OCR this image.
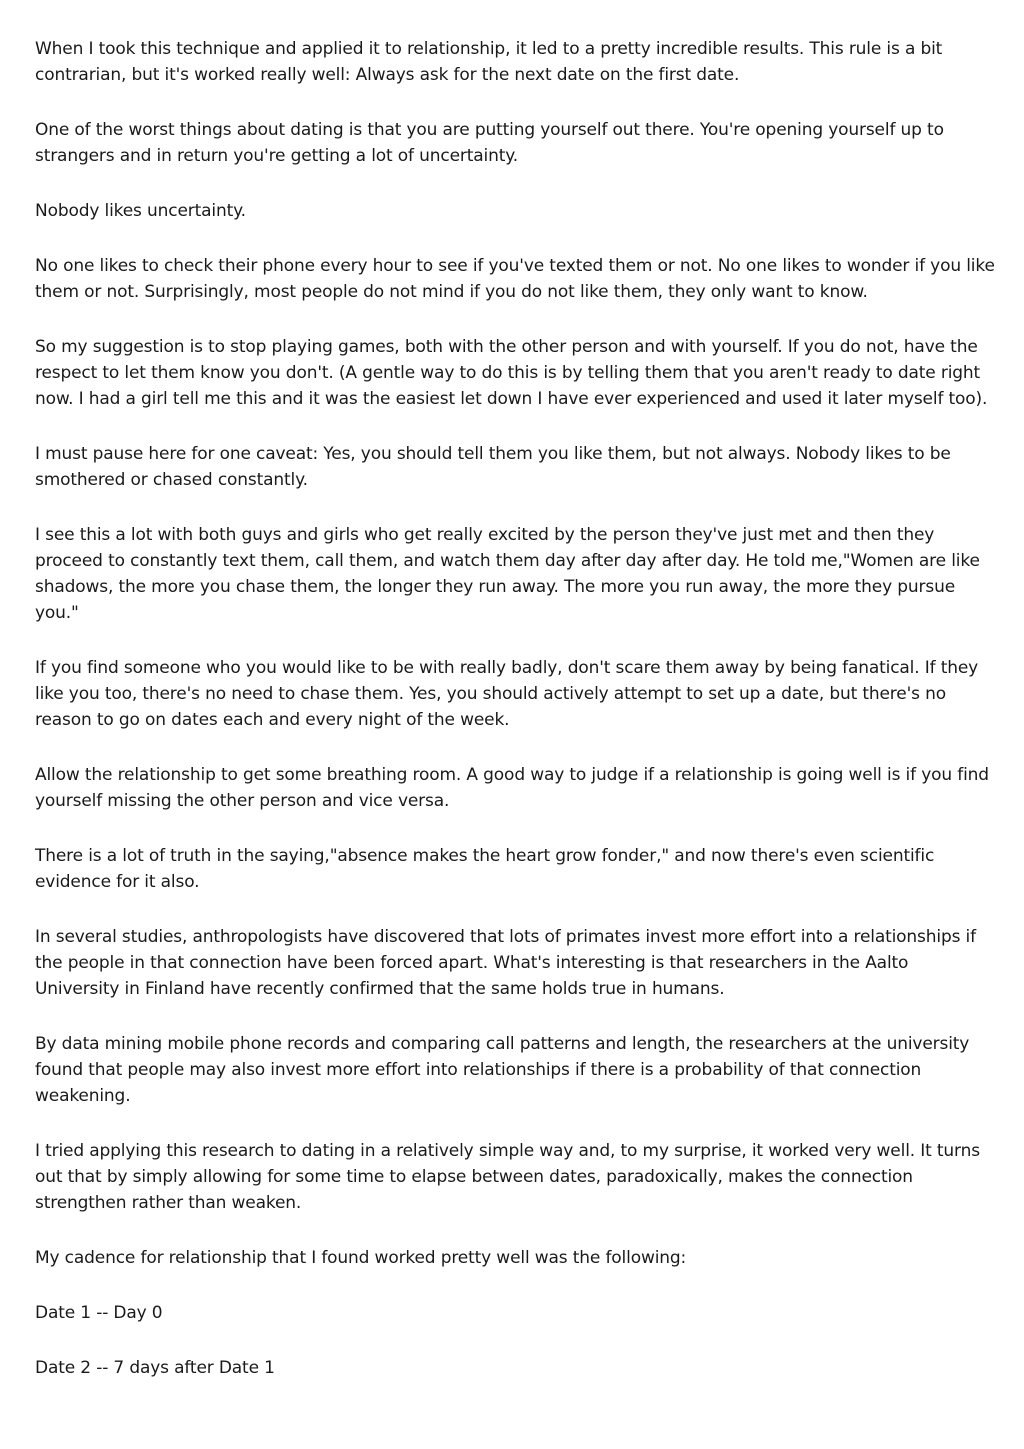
When I took this technique and applied it to relationship, it led to a pretty incredible results. This rule is a bit contrarian, but it's worked really well: Always ask for the next date on the first date.

One of the worst things about dating is that you are putting yourself out there. You're opening yourself up to strangers and in return you're getting a lot of uncertainty.

Nobody likes uncertainty.

No one likes to check their phone every hour to see if you've texted them or not. No one likes to wonder if you like them or not. Surprisingly, most people do not mind if you do not like them, they only want to know.

So my suggestion is to stop playing games, both with the other person and with yourself. If you do not, have the respect to let them know you don't. (A gentle way to do this is by telling them that you aren't ready to date right now. I had a girl tell me this and it was the easiest let down I have ever experienced and used it later myself too).

I must pause here for one caveat: Yes, you should tell them you like them, but not always. Nobody likes to be smothered or chased constantly.

I see this a lot with both guys and girls who get really excited by the person they've just met and then they proceed to constantly text them, call them, and watch them day after day after day. He told me,"Women are like shadows, the more you chase them, the longer they run away. The more you run away, the more they pursue you."

If you find someone who you would like to be with really badly, don't scare them away by being fanatical. If they like you too, there's no need to chase them. Yes, you should actively attempt to set up a date, but there's no reason to go on dates each and every night of the week.

Allow the relationship to get some breathing room. A good way to judge if a relationship is going well is if you find yourself missing the other person and vice versa.

There is a lot of truth in the saying,"absence makes the heart grow fonder," and now there's even scientific evidence for it also.

In several studies, anthropologists have discovered that lots of primates invest more effort into a relationships if the people in that connection have been forced apart. What's interesting is that researchers in the Aalto University in Finland have recently confirmed that the same holds true in humans.

By data mining mobile phone records and comparing call patterns and length, the researchers at the university found that people may also invest more effort into relationships if there is a probability of that connection weakening.

I tried applying this research to dating in a relatively simple way and, to my surprise, it worked very well. It turns out that by simply allowing for some time to elapse between dates, paradoxically, makes the connection strengthen rather than weaken.

My cadence for relationship that I found worked pretty well was the following:

Date 1 -- Day 0

Date 2 -- 7 days after Date 1
